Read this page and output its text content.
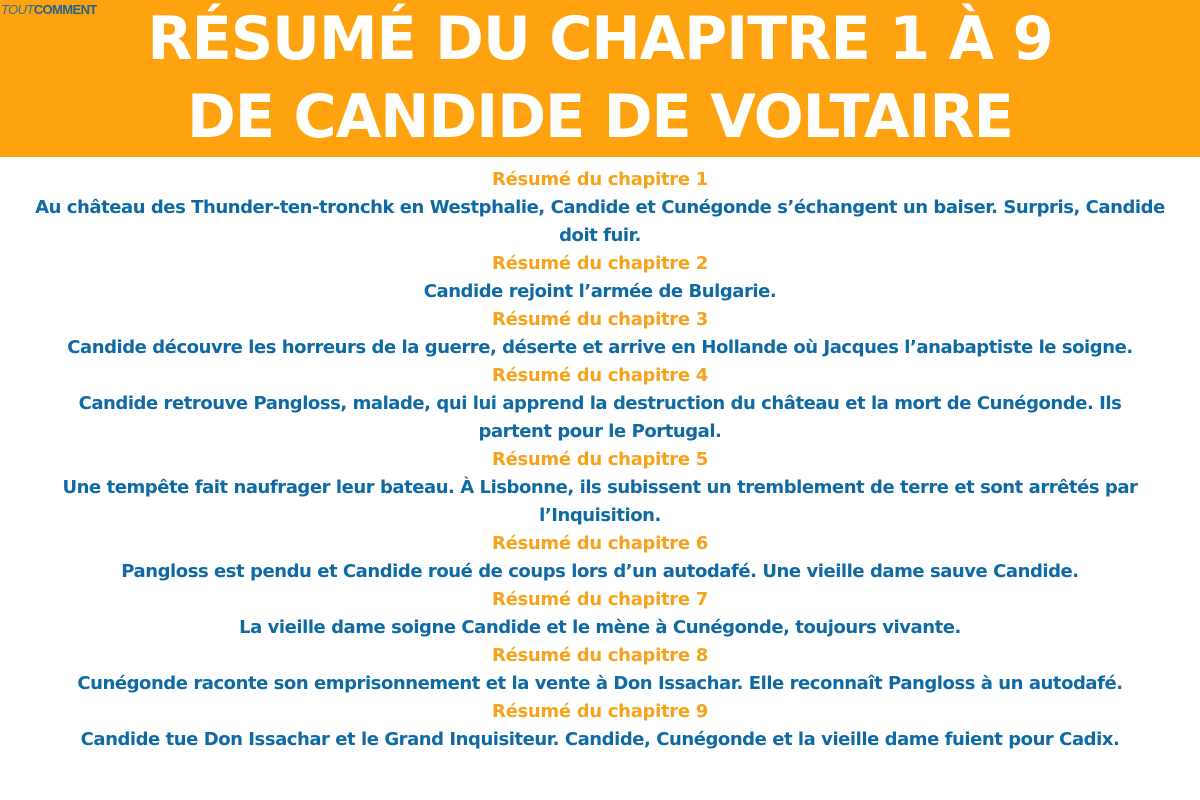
TOUTCOMMENT RÉSUMÉ DU CHAPITRE 1 À 9
DE CANDIDE DE VOLTAIRE
Résumé du chapitre 1
Au château des Thunder-ten-tronchk en Westphalie, Candide et Cunégonde s’échangent un baiser. Surpris, Candide doit fuir.
Résumé du chapitre 2
Candide rejoint l’armée de Bulgarie.
Résumé du chapitre 3
Candide découvre les horreurs de la guerre, déserte et arrive en Hollande où Jacques l’anabaptiste le soigne.
Résumé du chapitre 4
Candide retrouve Pangloss, malade, qui lui apprend la destruction du château et la mort de Cunégonde. Ils partent pour le Portugal.
Résumé du chapitre 5
Une tempête fait naufrager leur bateau. À Lisbonne, ils subissent un tremblement de terre et sont arrêtés par l’Inquisition.
Résumé du chapitre 6
Pangloss est pendu et Candide roué de coups lors d’un autodafé. Une vieille dame sauve Candide.
Résumé du chapitre 7
La vieille dame soigne Candide et le mène à Cunégonde, toujours vivante.
Résumé du chapitre 8
Cunégonde raconte son emprisonnement et la vente à Don Issachar. Elle reconnaît Pangloss à un autodafé.
Résumé du chapitre 9
Candide tue Don Issachar et le Grand Inquisiteur. Candide, Cunégonde et la vieille dame fuient pour Cadix.
